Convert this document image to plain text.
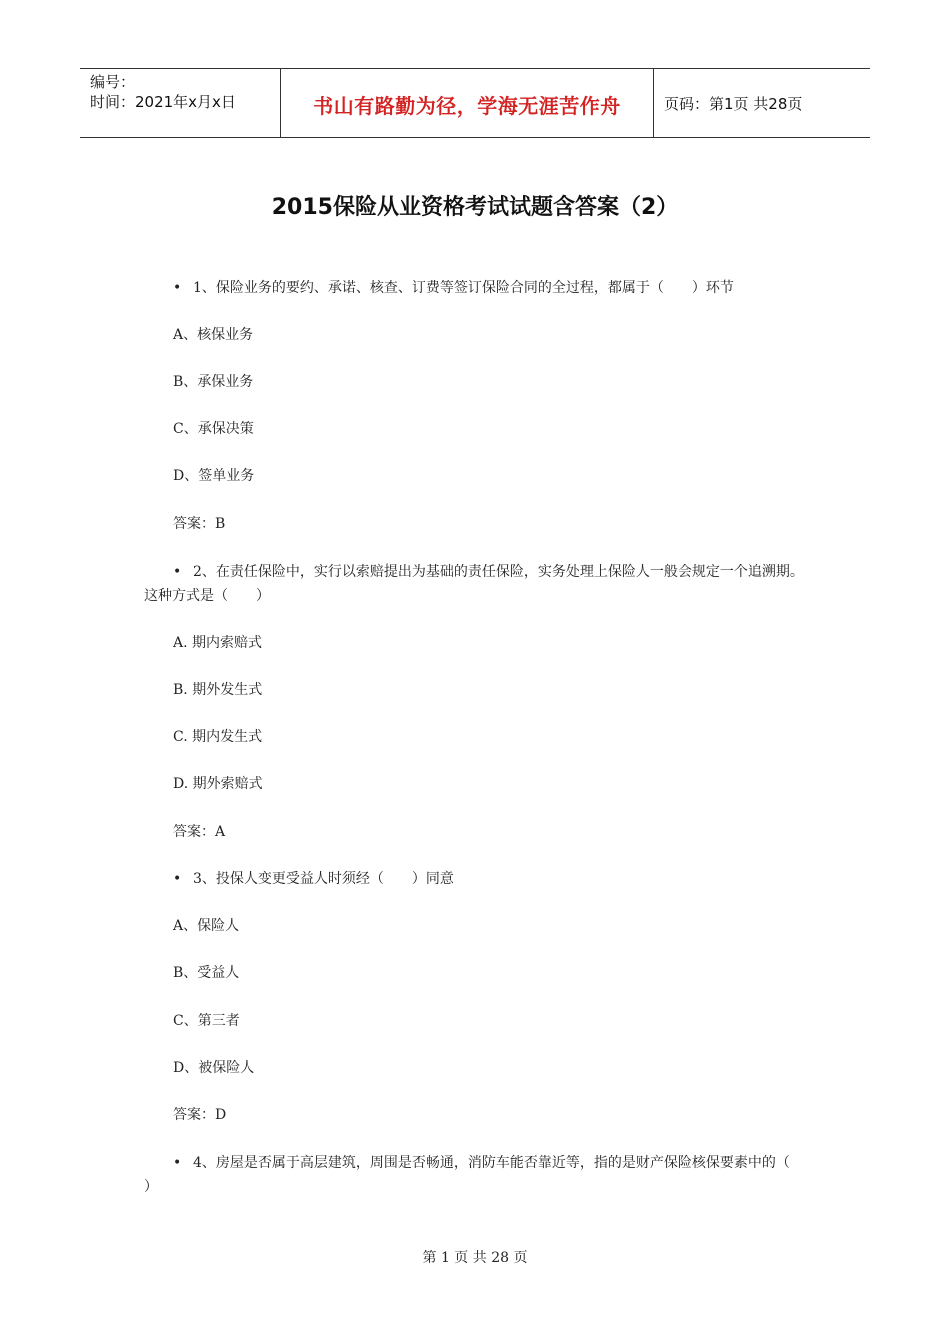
编号：
时间：2021年x月x日	书山有路勤为径，学海无涯苦作舟	页码：第1页 共28页
2015保险从业资格考试试题含答案（2）
• 1、保险业务的要约、承诺、核查、订费等签订保险合同的全过程，都属于（　　）环节
A、核保业务
B、承保业务
C、承保决策
D、签单业务
答案：B
• 2、在责任保险中，实行以索赔提出为基础的责任保险，实务处理上保险人一般会规定一个追溯期。
这种方式是（　　）
A. 期内索赔式
B. 期外发生式
C. 期内发生式
D. 期外索赔式
答案：A
• 3、投保人变更受益人时须经（　　）同意
A、保险人
B、受益人
C、第三者
D、被保险人
答案：D
• 4、房屋是否属于高层建筑，周围是否畅通，消防车能否靠近等，指的是财产保险核保要素中的（
）
第 1 页 共 28 页
